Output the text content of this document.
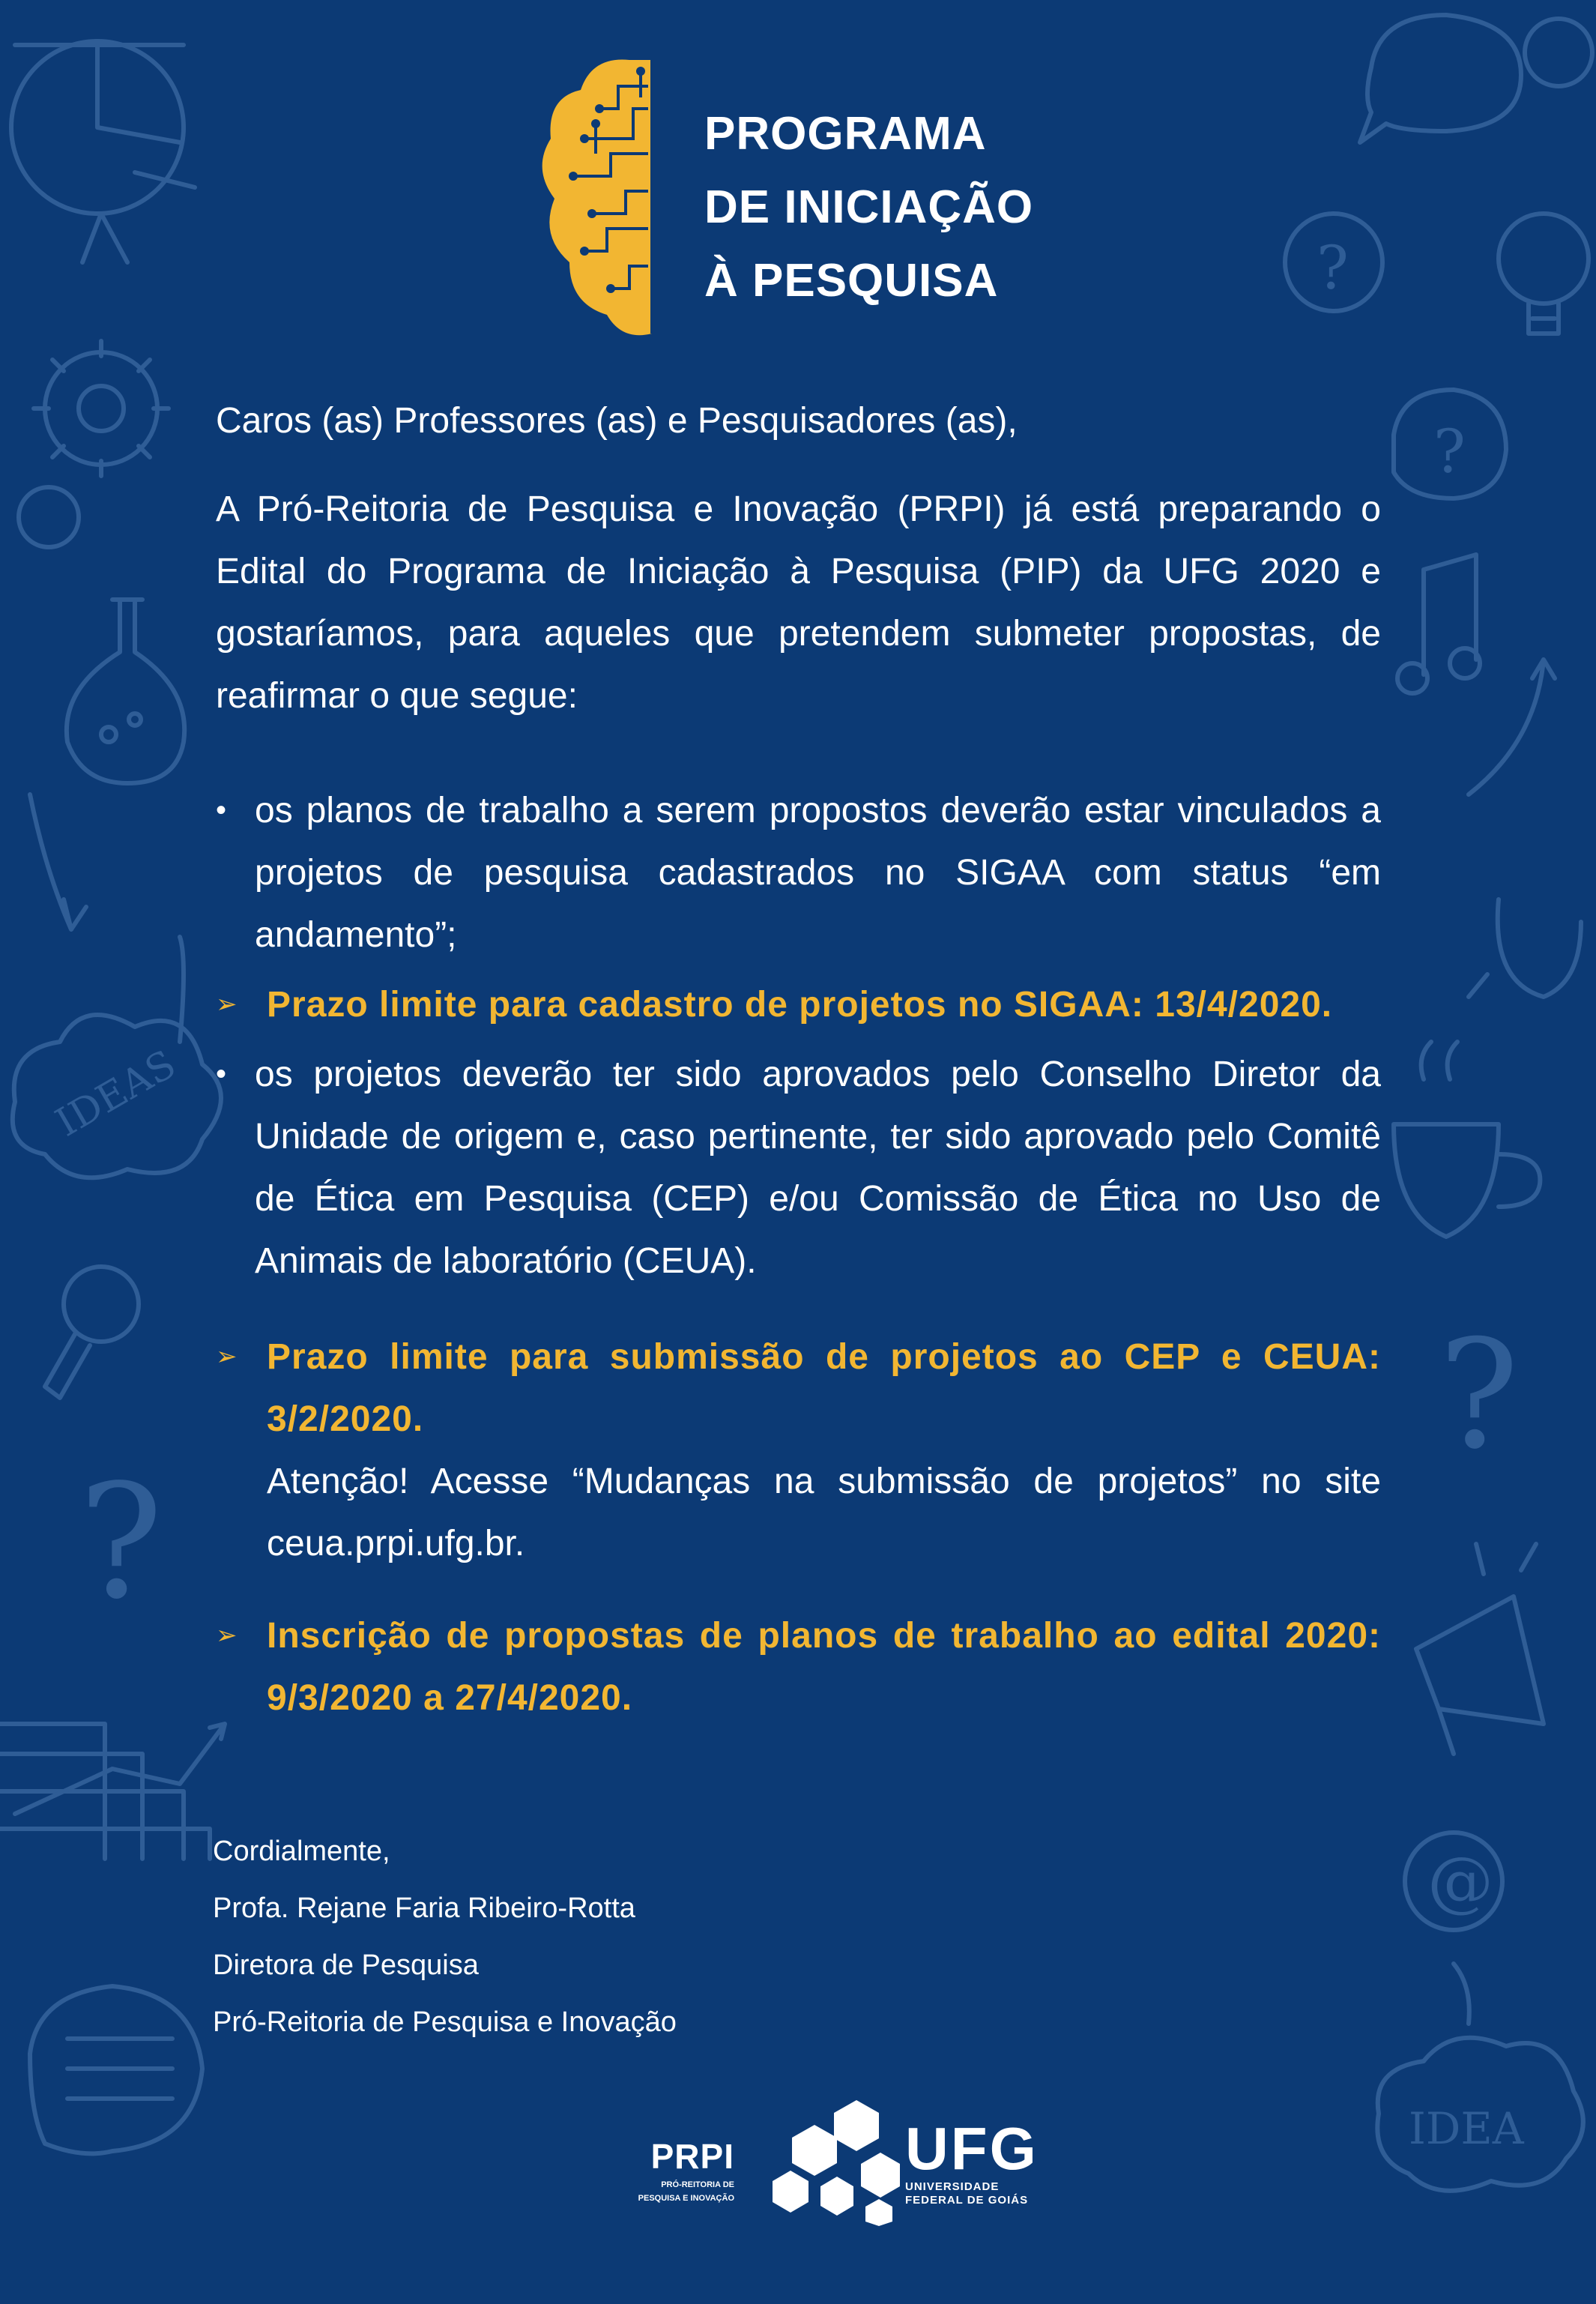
IDEAS
?
?
?
?
@
IDEA
PROGRAMA
DE INICIAÇÃO
À PESQUISA

Caros (as) Professores (as) e Pesquisadores (as),

A Pró-Reitoria de Pesquisa e Inovação (PRPI) já está preparando o Edital do Programa de Iniciação à Pesquisa (PIP) da UFG 2020 e gostaríamos, para aqueles que pretendem submeter propostas, de reafirmar o que segue:

• os planos de trabalho a serem propostos deverão estar vinculados a projetos de pesquisa cadastrados no SIGAA com status “em andamento”;
➢ Prazo limite para cadastro de projetos no SIGAA: 13/4/2020.
• os projetos deverão ter sido aprovados pelo Conselho Diretor da Unidade de origem e, caso pertinente, ter sido aprovado pelo Comitê de Ética em Pesquisa (CEP) e/ou Comissão de Ética no Uso de Animais de laboratório (CEUA).
➢ Prazo limite para submissão de projetos ao CEP e CEUA: 3/2/2020.
Atenção! Acesse “Mudanças na submissão de projetos” no site ceua.prpi.ufg.br.
➢ Inscrição de propostas de planos de trabalho ao edital 2020: 9/3/2020 a 27/4/2020.
Cordialmente,
Profa. Rejane Faria Ribeiro-Rotta
Diretora de Pesquisa
Pró-Reitoria de Pesquisa e Inovação
PRPI
PRÓ-REITORIA DE
PESQUISA E INOVAÇÃO
UFG
UNIVERSIDADE
FEDERAL DE GOIÁS
